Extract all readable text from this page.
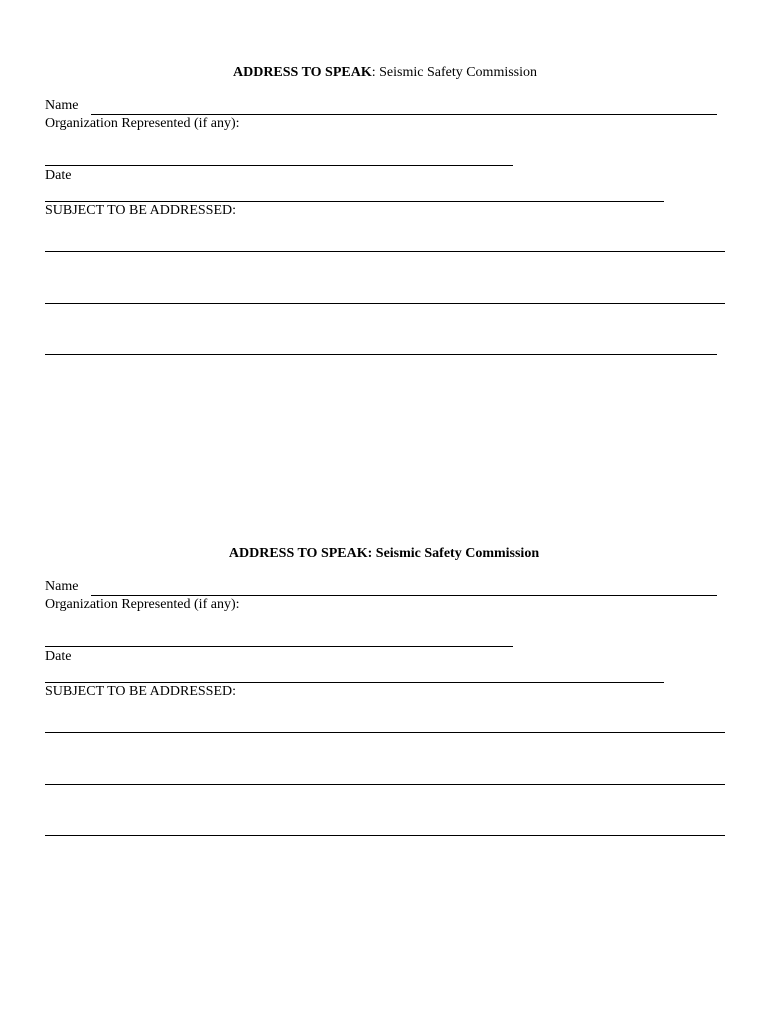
ADDRESS TO SPEAK: Seismic Safety Commission
Name
Organization Represented (if any):
Date
SUBJECT TO BE ADDRESSED:
ADDRESS TO SPEAK: Seismic Safety Commission
Name
Organization Represented (if any):
Date
SUBJECT TO BE ADDRESSED:
